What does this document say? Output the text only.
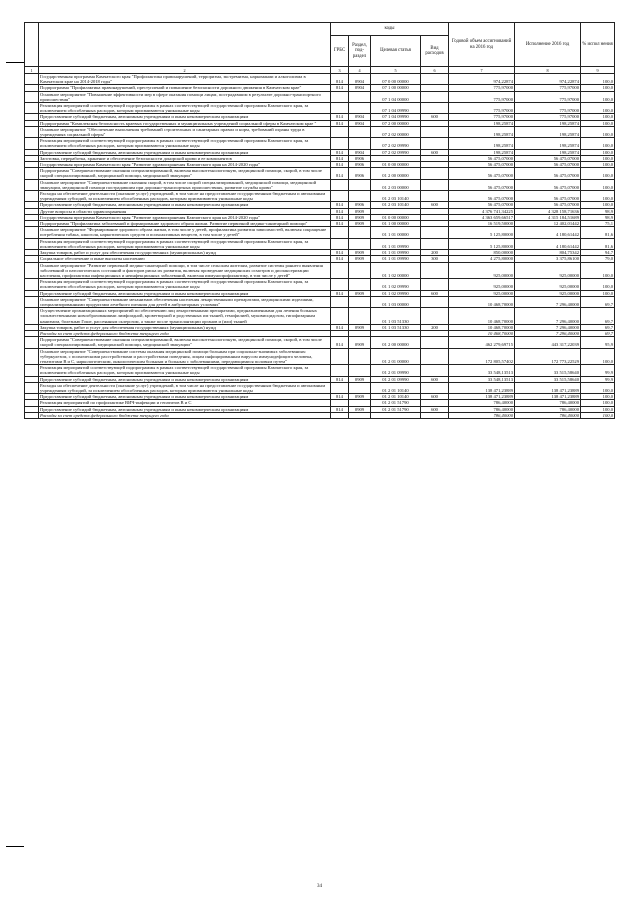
		коды				Годовой объем ассигнований на 2016 год	Исполнение 2016 год	% испол нения
		ГРБС	Раздел, под-раздел	Целевая статья	Вид расходов			
1	2	3	4	5	6	7	8	9
	Государственная программа Камчатского края "Профилактика правонарушений, терроризма, экстремизма, наркомании и алкоголизма в Камчатском крае на 2014-2018 годы"	814	0904	07 0 00 00000		974,22874	974,22874	100,0
	Подпрограмма "Профилактика правонарушений, преступлений и повышение безопасности дорожного движения в Камчатском крае"	814	0904	07 1 00 00000		775,97000	775,97000	100,0
	Основное мероприятие "Повышение эффективности мер в сфере оказания помощи лицам, пострадавшим в результате дорожно-транспортного происшествия"			07 1 04 00000		775,97000	775,97000	100,0
	Реализация мероприятий соответствующей подпрограммы в рамках соответствующей государственной программы Камчатского края, за исключением обособленных расходов, которым присваиваются уникальные коды			07 1 04 09990		775,97000	775,97000	100,0
	Предоставление субсидий бюджетным, автономным учреждениям и иным некоммерческим организациям	814	0904	07 1 04 09990	600	775,97000	775,97000	100,0
	Подпрограмма "Комплексная безопасность краевых государственных и муниципальных учреждений социальной сферы в Камчатском крае "	814	0904	07 2 00 00000		198,25874	198,25874	100,0
	Основное мероприятие "Обеспечение выполнения требований строительных и санитарных правил и норм, требований охраны труда в учреждениях социальной сферы"			07 2 02 00000		198,25874	198,25874	100,0
	Реализация мероприятий соответствующей подпрограммы в рамках соответствующей государственной программы Камчатского края, за исключением обособленных расходов, которым присваиваются уникальные коды			07 2 02 09990		198,25874	198,25874	100,0
	Предоставление субсидий бюджетным, автономным учреждениям и иным некоммерческим организациям	814	0904	07 2 02 09990	600	198,25874	198,25874	100,0
	Заготовка, переработка, хранение и обеспечение безопасности донорской крови и ее компонентов	814	0906			56 475,07000	56 475,07000	100,0
	Государственная программа Камчатского края "Развитие здравоохранения Камчатского края на 2014-2020 годы"	814	0906	01 0 00 00000		56 475,07000	56 475,07000	100,0
	Подпрограмма "Совершенствование оказания специализированной, включая высокотехнологичную, медицинской помощи, скорой, в том числе скорой специализированной, медицинской помощи, медицинской эвакуации"	814	0906	01 2 00 00000		56 475,07000	56 475,07000	100,0
	Основное мероприятие "Совершенствование оказания скорой, в том числе скорой специализированной, медицинской помощи, медицинской эвакуации, медицинской помощи пострадавшим при дорожно-транспортных происшествиях, развитие службы крови"			01 2 03 00000		56 475,07000	56 475,07000	100,0
	Расходы на обеспечение деятельности (оказание услуг) учреждений, в том числе на предоставление государственным бюджетным и автономным учреждениям субсидий, за исключением обособленных расходов, которым присваиваются уникальные коды			01 2 03 10140		56 475,07000	56 475,07000	100,0
	Предоставление субсидий бюджетным, автономным учреждениям и иным некоммерческим организациям	814	0906	01 2 03 10140	600	56 475,07000	56 475,07000	100,0
	Другие вопросы в области здравоохранения	814	0909			4 376 741,34225	4 328 158,71636	98,9
	Государственная программа Камчатского края "Развитие здравоохранения Камчатского края на 2014-2020 годы"	814	0909	01 0 00 00000		4 363 659,66517	4 315 184,51689	98,9
	Подпрограмма "Профилактика заболеваний и формирование здорового образа жизни. Развитие первичной медико-санитарной помощи"	814	0909	01 1 00 00000		16 519,50000	12 402,01442	75,1
	Основное мероприятие "Формирование здорового образа жизни, в том числе у детей, профилактика развития зависимостей, включая сокращение потребления табака, алкоголя, наркотических средств и психоактивных веществ, в том числе у детей"			01 1 01 00000		5 125,80000	4 180,61442	81,6
	Реализация мероприятий соответствующей подпрограммы в рамках соответствующей государственной программы Камчатского края, за исключением обособленных расходов, которым присваиваются уникальные коды			01 1 01 09990		5 125,80000	4 180,61442	81,6
	Закупка товаров, работ и услуг для обеспечения государственных (муниципальных) нужд	814	0909	01 1 01 09990	200	850,00000	804,75342	94,7
	Социальное обеспечение и иные выплаты населению	814	0909	01 1 01 09990	300	4 275,80000	3 375,86100	79,0
	Основное мероприятие "Развитие первичной медико-санитарной помощи, в том числе сельским жителям, развитие системы раннего выявления заболеваний и патологических состояний и факторов риска их развития, включая проведение медицинских осмотров и диспансеризации населения, профилактика инфекционных и неинфекционных заболеваний, включая иммунопрофилактику, в том числе у детей"			01 1 02 00000		925,00000	925,00000	100,0
	Реализация мероприятий соответствующей подпрограммы в рамках соответствующей государственной программы Камчатского края, за исключением обособленных расходов, которым присваиваются уникальные коды			01 1 02 09990		925,00000	925,00000	100,0
	Предоставление субсидий бюджетным, автономным учреждениям и иным некоммерческим организациям	814	0909	01 1 02 09990	600	925,00000	925,00000	100,0
	Основное мероприятие "Совершенствование механизмов обеспечения населения лекарственными препаратами, медицинскими изделиями, специализированными продуктами лечебного питания для детей в амбулаторных условиях"			01 1 03 00000		10 468,70000	7 296,40000	69,7
	Осуществление организационных мероприятий по обеспечению лиц лекарственными препаратами, предназначенными для лечения больных злокачественными новообразованиями лимфоидной, кроветворной и родственных им тканей, гемофилией, муковисцидозом, гипофизарным нанизмом, болезнью Гоше, рассеянным склерозом, а также после трансплантации органов и (или) тканей			01 1 03 51330		10 468,70000	7 296,40000	69,7
	Закупка товаров, работ и услуг для обеспечения государственных (муниципальных) нужд	814	0909	01 1 03 51330	200	10 468,70000	7 296,40000	69,7
	Расходы за счет средств федерального бюджета текущего года					10 468,70000	7 296,40000	69,7
	Подпрограмма "Совершенствование оказания специализированной, включая высокотехнологичную, медицинской помощи, скорой, в том числе скорой специализированной, медицинской помощи, медицинской эвакуации"	814	0909	01 2 00 00000		462 279,69715	443 317,22039	95,9
	Основное мероприятие "Совершенствование системы оказания медицинской помощи больным при социально-значимых заболеваниях: туберкулезом, с психическими расстройствами и расстройствами поведения, лицам инфицированным вирусом иммунодефицита человека, гепатитами В и С, наркологическим, онкологическим больным и больным с заболеваниями, передающимися половым путем"			01 2 01 00000		172 805,57402	172 773,22529	100,0
	Реализация мероприятий соответствующей подпрограммы в рамках соответствующей государственной программы Камчатского края, за исключением обособленных расходов, которым присваиваются уникальные коды			01 2 01 09990		33 548,13513	33 515,58640	99,9
	Предоставление субсидий бюджетным, автономным учреждениям и иным некоммерческим организациям	814	0909	01 2 01 09990	600	33 548,13513	33 515,58640	99,9
	Расходы на обеспечение деятельности (оказание услуг) учреждений, в том числе на предоставление государственным бюджетным и автономным учреждениям субсидий, за исключением обособленных расходов, которым присваиваются уникальные коды			01 2 01 10140		138 471,23889	138 471,23889	100,0
	Предоставление субсидий бюджетным, автономным учреждениям и иным некоммерческим организациям	814	0909	01 2 01 10140	600	138 471,23889	138 471,23889	100,0
	Реализация мероприятий по профилактике ВИЧ-инфекции и гепатитов В и С			01 2 01 51790		786,40000	786,40000	100,0
	Предоставление субсидий бюджетным, автономным учреждениям и иным некоммерческим организациям	814	0909	01 2 01 51790	600	786,40000	786,40000	100,0
	Расходы за счет средств федерального бюджета текущего года					786,40000	786,40000	100,0
34
